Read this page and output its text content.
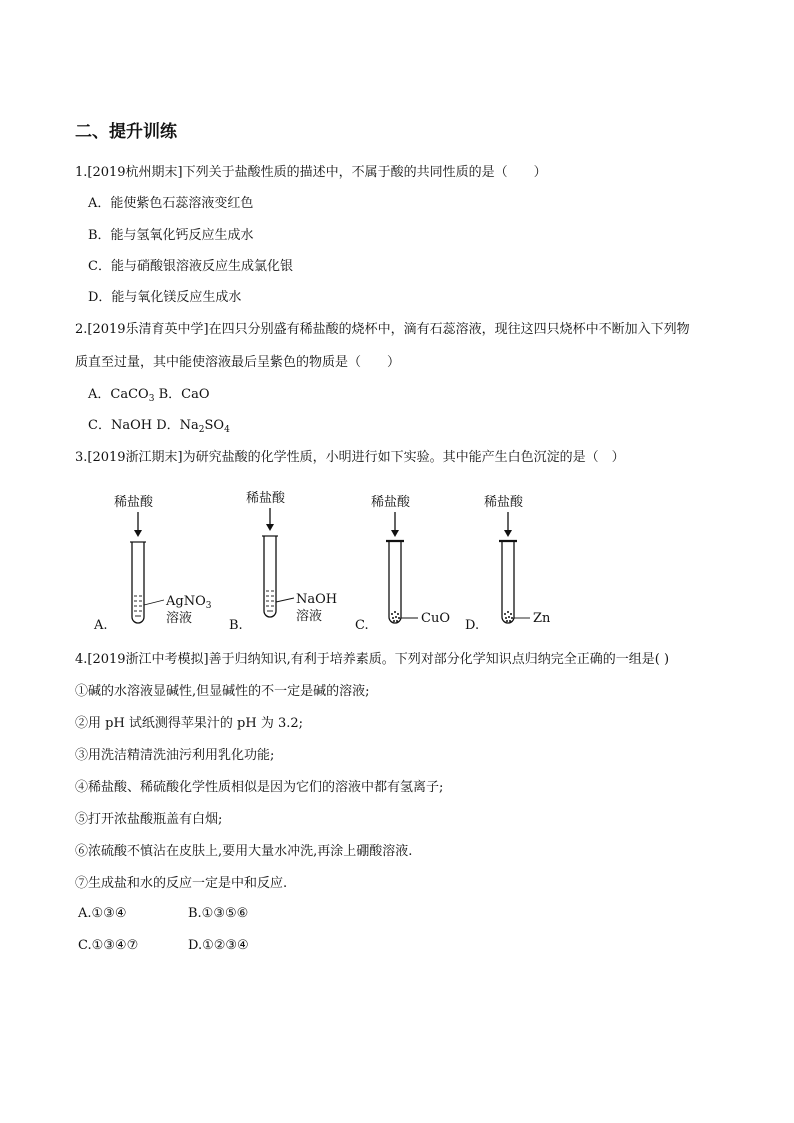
二、提升训练
1.[2019杭州期末]下列关于盐酸性质的描述中，不属于酸的共同性质的是（　　）
A．能使紫色石蕊溶液变红色
B．能与氢氧化钙反应生成水
C．能与硝酸银溶液反应生成氯化银
D．能与氧化镁反应生成水
2.[2019乐清育英中学]在四只分别盛有稀盐酸的烧杯中，滴有石蕊溶液，现往这四只烧杯中不断加入下列物
质直至过量，其中能使溶液最后呈紫色的物质是（　　）
A．CaCO$_3$ B．CaO
C．NaOH D．$Na_2SO_4$
3.[2019浙江期末]为研究盐酸的化学性质，小明进行如下实验。其中能产生白色沉淀的是（　）
稀盐酸	稀盐酸	稀盐酸	稀盐酸
AgNO$_3$
溶液
NaOH
溶液	CuO	Zn
A.	B.	C.	D.
4.[2019浙江中考模拟]善于归纳知识,有利于培养素质。下列对部分化学知识点归纳完全正确的一组是( )
①碱的水溶液显碱性,但显碱性的不一定是碱的溶液;
②用 pH 试纸测得苹果汁的 pH 为 3.2;
③用洗洁精清洗油污利用乳化功能;
④稀盐酸、稀硫酸化学性质相似是因为它们的溶液中都有氢离子;
⑤打开浓盐酸瓶盖有白烟;
⑥浓硫酸不慎沾在皮肤上,要用大量水冲洗,再涂上硼酸溶液.
⑦生成盐和水的反应一定是中和反应.
A.①③④	B.①③⑤⑥
C.①③④⑦	D.①②③④
